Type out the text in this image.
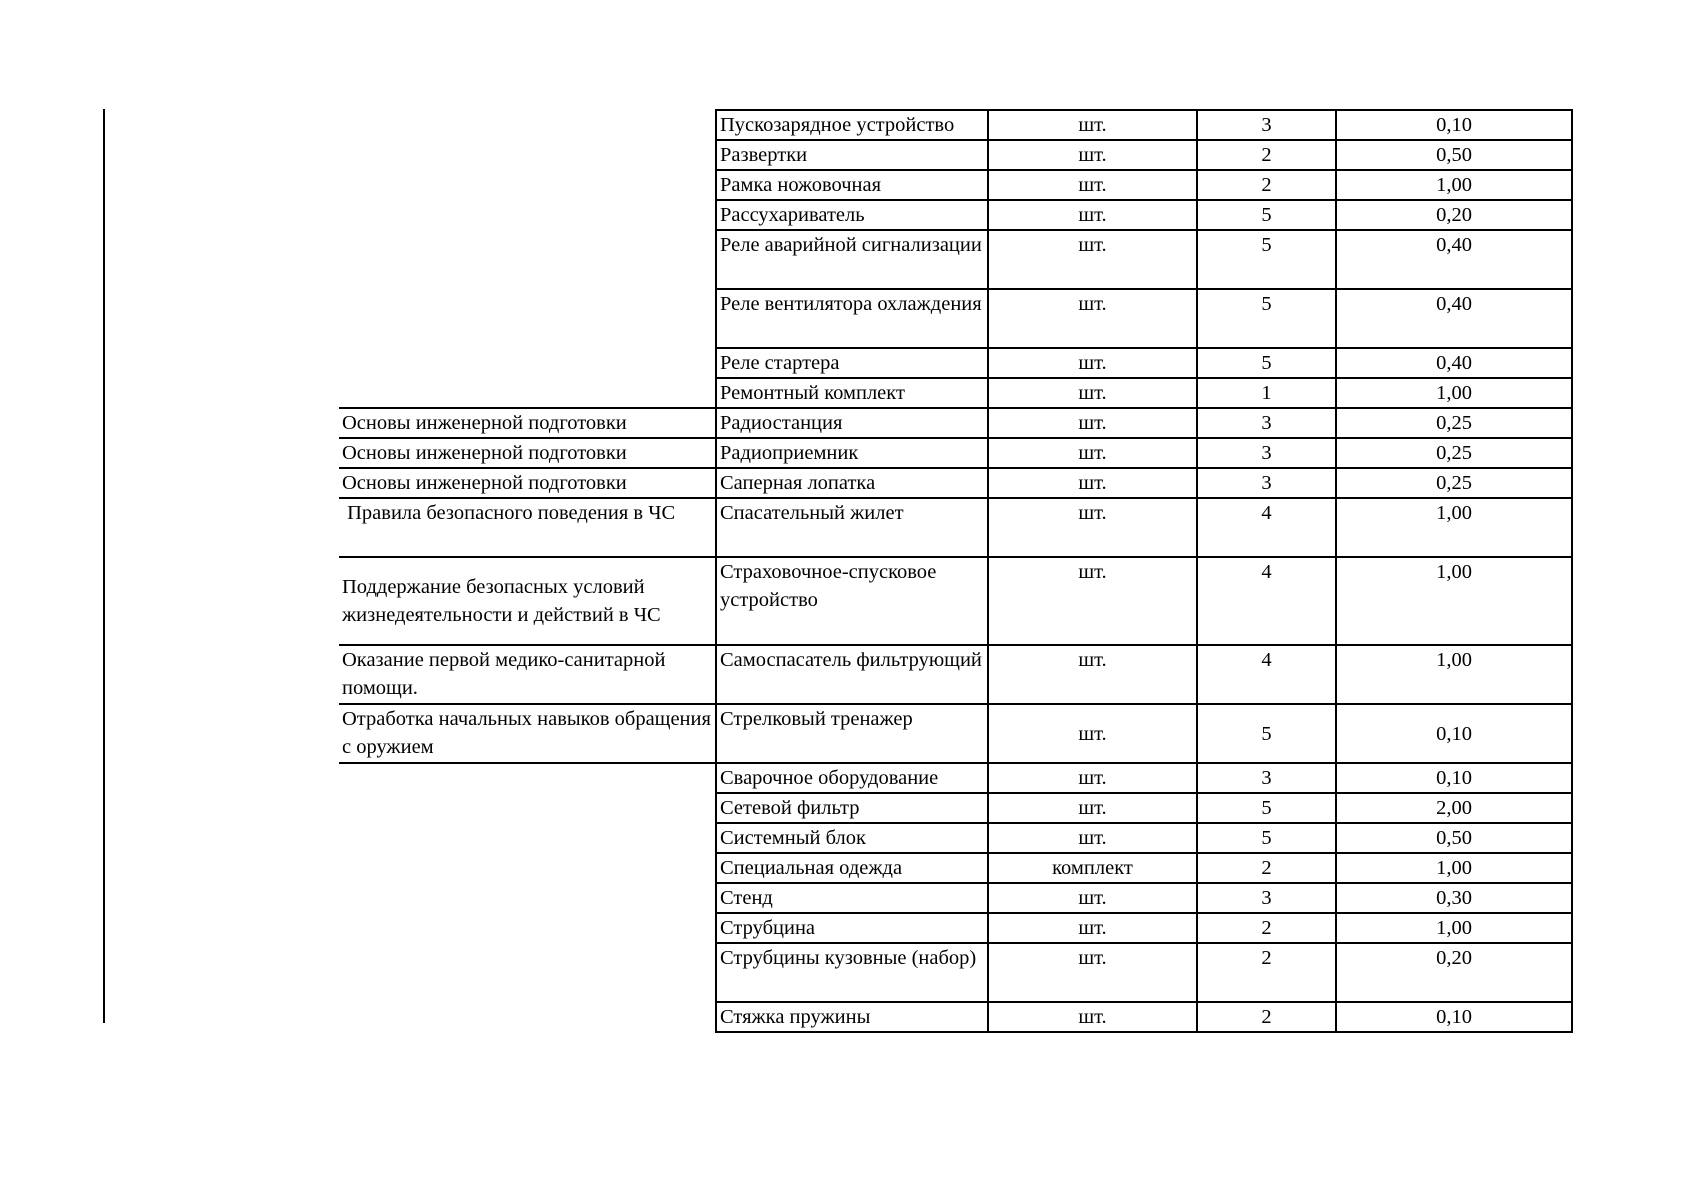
	Пускозарядное устройство	шт.	3	0,10
	Развертки	шт.	2	0,50
	Рамка ножовочная	шт.	2	1,00
	Рассухариватель	шт.	5	0,20
	Реле аварийной сигнализации	шт.	5	0,40
	Реле вентилятора охлаждения	шт.	5	0,40
	Реле стартера	шт.	5	0,40
	Ремонтный комплект	шт.	1	1,00
Основы инженерной подготовки	Радиостанция	шт.	3	0,25
Основы инженерной подготовки	Радиоприемник	шт.	3	0,25
Основы инженерной подготовки	Саперная лопатка	шт.	3	0,25
Правила безопасного поведения в ЧС	Спасательный жилет	шт.	4	1,00
Поддержание безопасных условий жизнедеятельности и действий в ЧС	Страховочное-спусковое устройство	шт.	4	1,00
Оказание первой медико-санитарной помощи.	Самоспасатель фильтрующий	шт.	4	1,00
Отработка начальных навыков обращения с оружием	Стрелковый тренажер	шт.	5	0,10
	Сварочное оборудование	шт.	3	0,10
	Сетевой фильтр	шт.	5	2,00
	Системный блок	шт.	5	0,50
	Специальная одежда	комплект	2	1,00
	Стенд	шт.	3	0,30
	Струбцина	шт.	2	1,00
	Струбцины кузовные (набор)	шт.	2	0,20
	Стяжка пружины	шт.	2	0,10
